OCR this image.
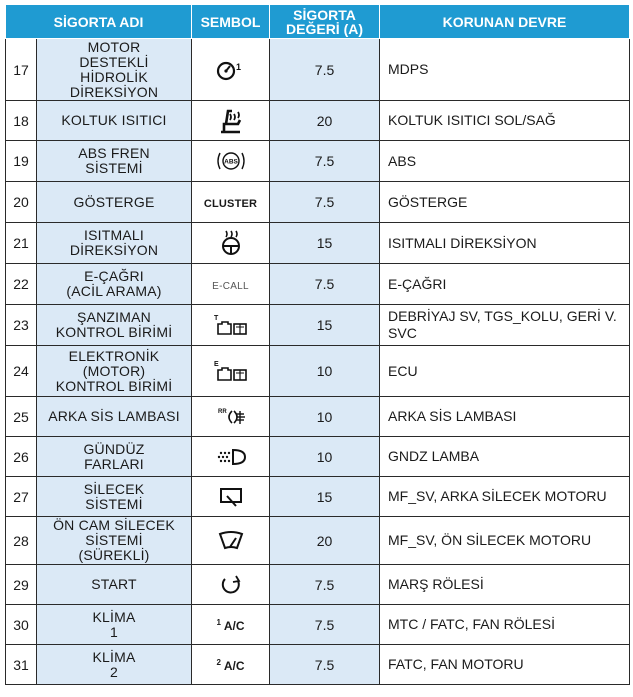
SİGORTA ADI		SEMBOL	SİGORTA
DEĞERİ (A)	KORUNAN DEVRE
17	MOTOR
DESTEKLİ
HİDROLİK
DİREKSİYON	1	7.5	MDPS
18	KOLTUK ISITICI		20	KOLTUK ISITICI SOL/SAĞ
19	ABS FREN
SİSTEMİ	ABS	7.5	ABS
20	GÖSTERGE	CLUSTER	7.5	GÖSTERGE
21	ISITMALI
DİREKSİYON		15	ISITMALI DİREKSİYON
22	E-ÇAĞRI
(ACİL ARAMA)	E-CALL	7.5	E-ÇAĞRI
23	ŞANZIMAN
KONTROL BİRİMİ	T	15	DEBRİYAJ SV, TGS_KOLU, GERİ V. SVC
24	ELEKTRONİK
(MOTOR)
KONTROL BİRİMİ	E	10	ECU
25	ARKA SİS LAMBASI	RR	10	ARKA SİS LAMBASI
26	GÜNDÜZ
FARLARI		10	GNDZ LAMBA
27	SİLECEK
SİSTEMİ		15	MF_SV, ARKA SİLECEK MOTORU
28	ÖN CAM SİLECEK
SİSTEMİ
(SÜREKLİ)		20	MF_SV, ÖN SİLECEK MOTORU
29	START		7.5	MARŞ RÖLESİ
30	KLİMA
1	$^1$ A/C	7.5	MTC / FATC, FAN RÖLESİ
31	KLİMA
2	$^2$ A/C	7.5	FATC, FAN MOTORU
